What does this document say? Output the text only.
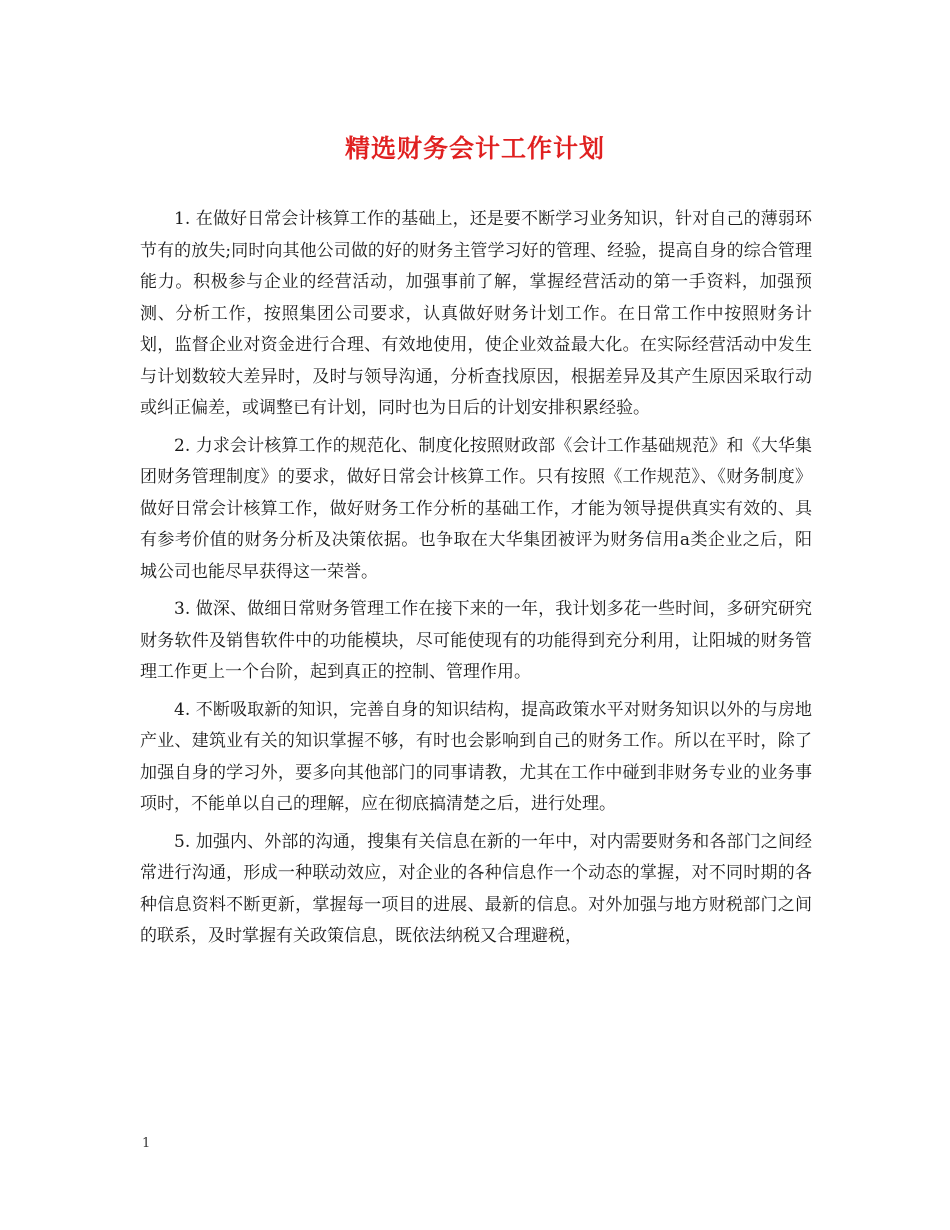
精选财务会计工作计划

1. 在做好日常会计核算工作的基础上，还是要不断学习业务知识，针对自己的薄弱环节有的放失;同时向其他公司做的好的财务主管学习好的管理、经验，提高自身的综合管理能力。积极参与企业的经营活动，加强事前了解，掌握经营活动的第一手资料，加强预测、分析工作，按照集团公司要求，认真做好财务计划工作。在日常工作中按照财务计划，监督企业对资金进行合理、有效地使用，使企业效益最大化。在实际经营活动中发生与计划数较大差异时，及时与领导沟通，分析查找原因，根据差异及其产生原因采取行动或纠正偏差，或调整已有计划，同时也为日后的计划安排积累经验。

2. 力求会计核算工作的规范化、制度化按照财政部《会计工作基础规范》和《大华集团财务管理制度》的要求，做好日常会计核算工作。只有按照《工作规范》、《财务制度》做好日常会计核算工作，做好财务工作分析的基础工作，才能为领导提供真实有效的、具有参考价值的财务分析及决策依据。也争取在大华集团被评为财务信用a类企业之后，阳城公司也能尽早获得这一荣誉。

3. 做深、做细日常财务管理工作在接下来的一年，我计划多花一些时间，多研究研究财务软件及销售软件中的功能模块，尽可能使现有的功能得到充分利用，让阳城的财务管理工作更上一个台阶，起到真正的控制、管理作用。

4. 不断吸取新的知识，完善自身的知识结构，提高政策水平对财务知识以外的与房地产业、建筑业有关的知识掌握不够，有时也会影响到自己的财务工作。所以在平时，除了加强自身的学习外，要多向其他部门的同事请教，尤其在工作中碰到非财务专业的业务事项时，不能单以自己的理解，应在彻底搞清楚之后，进行处理。

5. 加强内、外部的沟通，搜集有关信息在新的一年中，对内需要财务和各部门之间经常进行沟通，形成一种联动效应，对企业的各种信息作一个动态的掌握，对不同时期的各种信息资料不断更新，掌握每一项目的进展、最新的信息。对外加强与地方财税部门之间的联系，及时掌握有关政策信息，既依法纳税又合理避税，

1
